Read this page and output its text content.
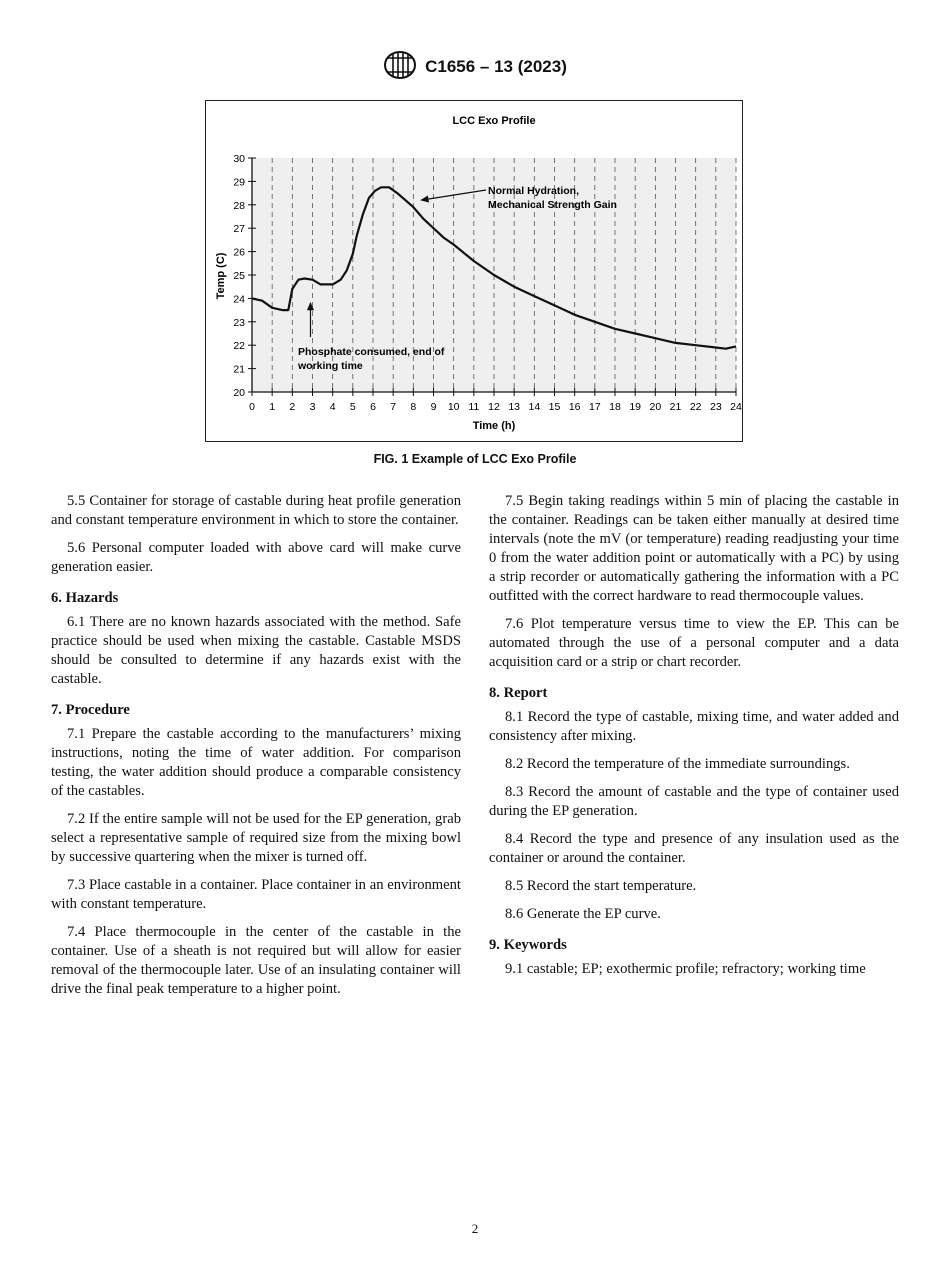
C1656 – 13 (2023)
LCC Exo Profile
0 1 2 3 4 5 6 7 8 9 10 11 12 13 14 15 16 17 18 19 20 21 22 23 24
20
21
22
23
24
25
26
27
28
29
30
Normal Hydration,
Mechanical Strength Gain
Phosphate consumed, end of
working time
Time (h)
Temp (C)
FIG. 1 Example of LCC Exo Profile

5.5 Container for storage of castable during heat profile generation and constant temperature environment in which to store the container.

5.6 Personal computer loaded with above card will make curve generation easier.

6. Hazards

6.1 There are no known hazards associated with the method. Safe practice should be used when mixing the castable. Castable MSDS should be consulted to determine if any hazards exist with the castable.

7. Procedure

7.1 Prepare the castable according to the manufacturers’ mixing instructions, noting the time of water addition. For comparison testing, the water addition should produce a comparable consistency of the castables.

7.2 If the entire sample will not be used for the EP generation, grab select a representative sample of required size from the mixing bowl by successive quartering when the mixer is turned off.

7.3 Place castable in a container. Place container in an environment with constant temperature.

7.4 Place thermocouple in the center of the castable in the container. Use of a sheath is not required but will allow for easier removal of the thermocouple later. Use of an insulating container will drive the final peak temperature to a higher point.

7.5 Begin taking readings within 5 min of placing the castable in the container. Readings can be taken either manually at desired time intervals (note the mV (or temperature) reading readjusting your time 0 from the water addition point or automatically with a PC) by using a strip recorder or automatically gathering the information with a PC outfitted with the correct hardware to read thermocouple values.

7.6 Plot temperature versus time to view the EP. This can be automated through the use of a personal computer and a data acquisition card or a strip or chart recorder.

8. Report

8.1 Record the type of castable, mixing time, and water added and consistency after mixing.

8.2 Record the temperature of the immediate surroundings.

8.3 Record the amount of castable and the type of container used during the EP generation.

8.4 Record the type and presence of any insulation used as the container or around the container.

8.5 Record the start temperature.

8.6 Generate the EP curve.

9. Keywords

9.1 castable; EP; exothermic profile; refractory; working time

2
